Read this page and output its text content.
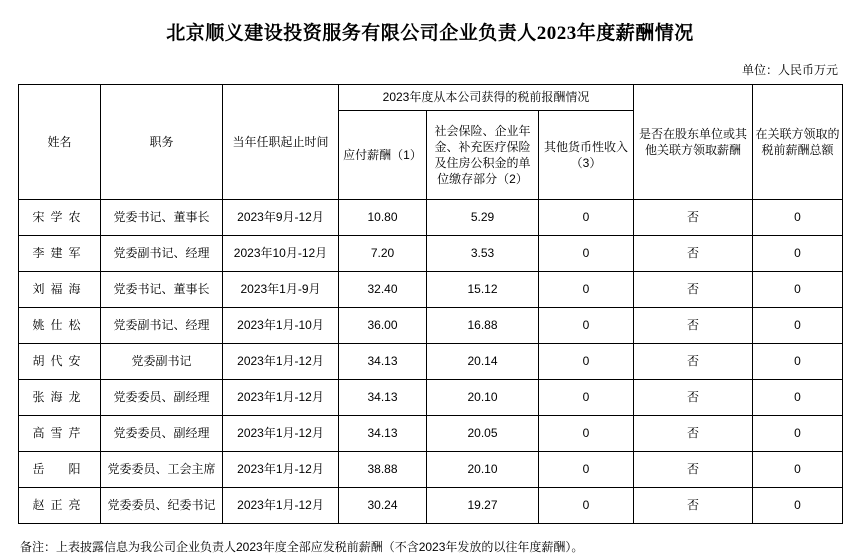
北京顺义建设投资服务有限公司企业负责人2023年度薪酬情况
单位：人民币万元
姓名	职务	当年任职起止时间	2023年度从本公司获得的税前报酬情况			是否在股东单位或其他关联方领取薪酬	在关联方领取的税前薪酬总额
			应付薪酬（1）	社会保险、企业年金、补充医疗保险及住房公积金的单位缴存部分（2）	其他货币性收入（3）		
宋学农	党委书记、董事长	2023年9月-12月	10.80	5.29	0	否	0
李建军	党委副书记、经理	2023年10月-12月	7.20	3.53	0	否	0
刘福海	党委书记、董事长	2023年1月-9月	32.40	15.12	0	否	0
姚仕松	党委副书记、经理	2023年1月-10月	36.00	16.88	0	否	0
胡代安	党委副书记	2023年1月-12月	34.13	20.14	0	否	0
张海龙	党委委员、副经理	2023年1月-12月	34.13	20.10	0	否	0
高雪芹	党委委员、副经理	2023年1月-12月	34.13	20.05	0	否	0
岳　阳	党委委员、工会主席	2023年1月-12月	38.88	20.10	0	否	0
赵正亮	党委委员、纪委书记	2023年1月-12月	30.24	19.27	0	否	0
备注：上表披露信息为我公司企业负责人2023年度全部应发税前薪酬（不含2023年发放的以往年度薪酬）。
